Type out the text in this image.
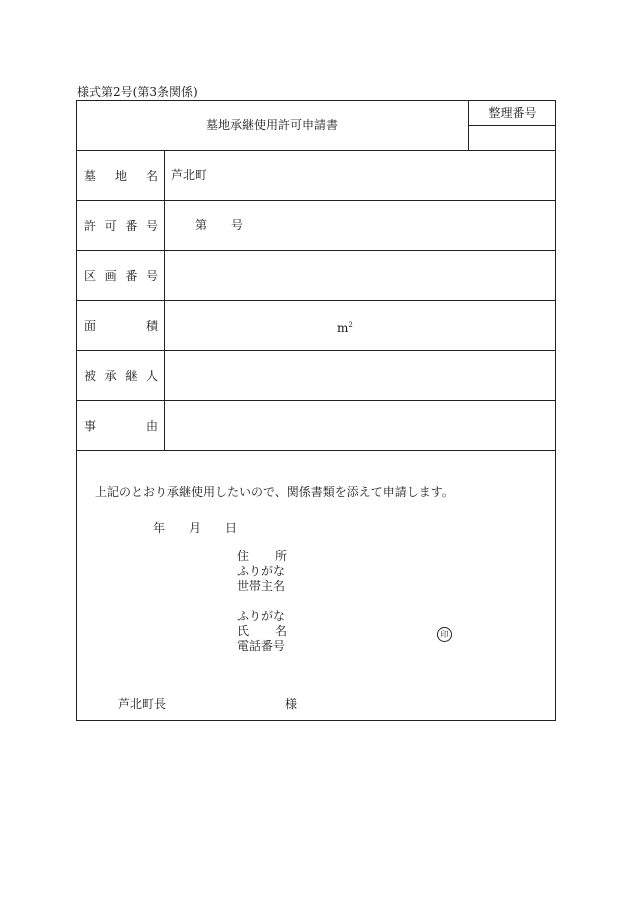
様式第2号(第3条関係)
墓地承継使用許可申請書
整理番号
墓 地 名 芦北町
許 可 番 号	第　　号
区 画 番 号
面	積	$m^2$
被 承 継 人
事	由
上記のとおり承継使用したいので、関係書類を添えて申請します。
年　　月　　日
住 所
ふりがな
世帯主名

ふりがな
氏 名
電話番号
印
芦北町長	様
